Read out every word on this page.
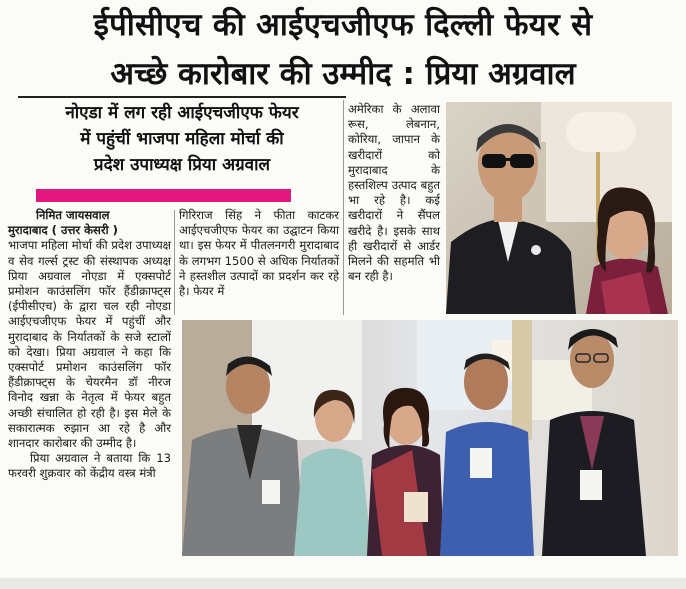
ईपीसीएच की आईएचजीएफ दिल्ली फेयर से
अच्छे कारोबार की उम्मीद : प्रिया अग्रवाल
नोएडा में लग रही आईएचजीएफ फेयर
में पहुंचीं भाजपा महिला मोर्चा की
प्रदेश उपाध्यक्ष प्रिया अग्रवाल

निमित जायसवाल

मुरादाबाद ( उत्तर केसरी )

भाजपा महिला मोर्चा की प्रदेश उपाध्यक्ष व सेव गर्ल्स ट्रस्ट की संस्थापक अध्यक्ष प्रिया अग्रवाल नोएडा में एक्सपोर्ट प्रमोशन काउंसलिंग फॉर हैंडीक्राफ्ट्स (ईपीसीएच) के द्वारा चल रही नोएडा आईएचजीएफ फेयर में पहुंचीं और मुरादाबाद के निर्यातकों के सजे स्टालों को देखा। प्रिया अग्रवाल ने कहा कि एक्सपोर्ट प्रमोशन काउंसलिंग फॉर हैंडीक्राफ्ट्स के चेयरमैन डॉ नीरज विनोद खन्ना के नेतृत्व में फेयर बहुत अच्छी संचालित हो रही है। इस मेले के सकारात्मक रुझान आ रहे है और शानदार कारोबार की उम्मीद है।

प्रिया अग्रवाल ने बताया कि 13 फरवरी शुक्रवार को केंद्रीय वस्त्र मंत्री

गिरिराज सिंह ने फीता काटकर आईएचजीएफ फेयर का उद्घाटन किया था। इस फेयर में पीतलनगरी मुरादाबाद के लगभग 1500 से अधिक निर्यातकों ने हस्तशील उत्पादों का प्रदर्शन कर रहे है। फेयर में

अमेरिका के अलावा रूस, लेबनान, कोरिया, जापान के खरीदारों को मुरादाबाद के हस्तशिल्प उत्पाद बहुत भा रहे है। कई खरीदारों ने सैंपल खरीदे है। इसके साथ ही खरीदारों से आर्डर मिलने की सहमति भी बन रही है।
